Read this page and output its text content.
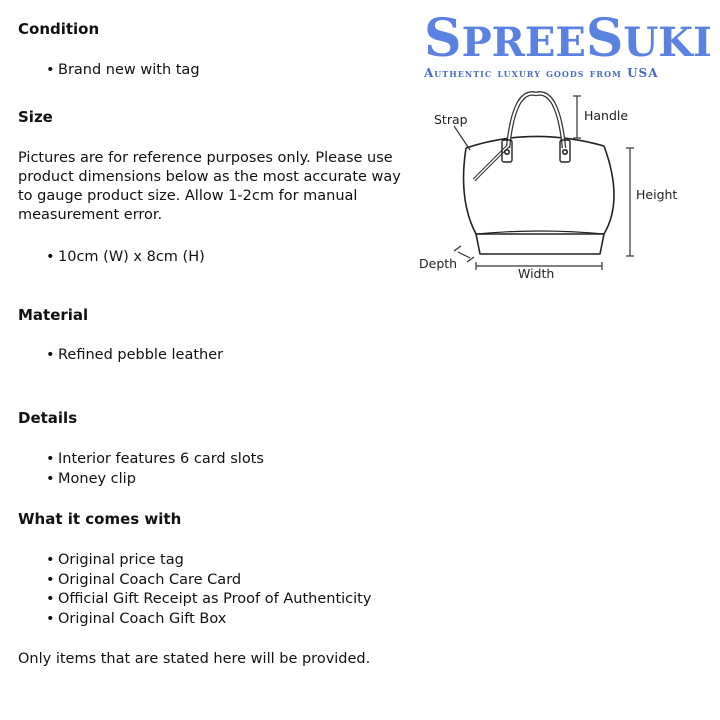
Condition
• Brand new with tag
Size

Pictures are for reference purposes only. Please use product dimensions below as the most accurate way to gauge product size. Allow 1-2cm for manual measurement error.

• 10cm (W) x 8cm (H)
Material
• Refined pebble leather
Details
• Interior features 6 card slots
• Money clip
What it comes with
• Original price tag
• Original Coach Care Card
• Official Gift Receipt as Proof of Authenticity
• Original Coach Gift Box

Only items that are stated here will be provided.

SPREESUKI
Authentic luxury goods from USA
Strap	Handle
Height
Depth
Width
